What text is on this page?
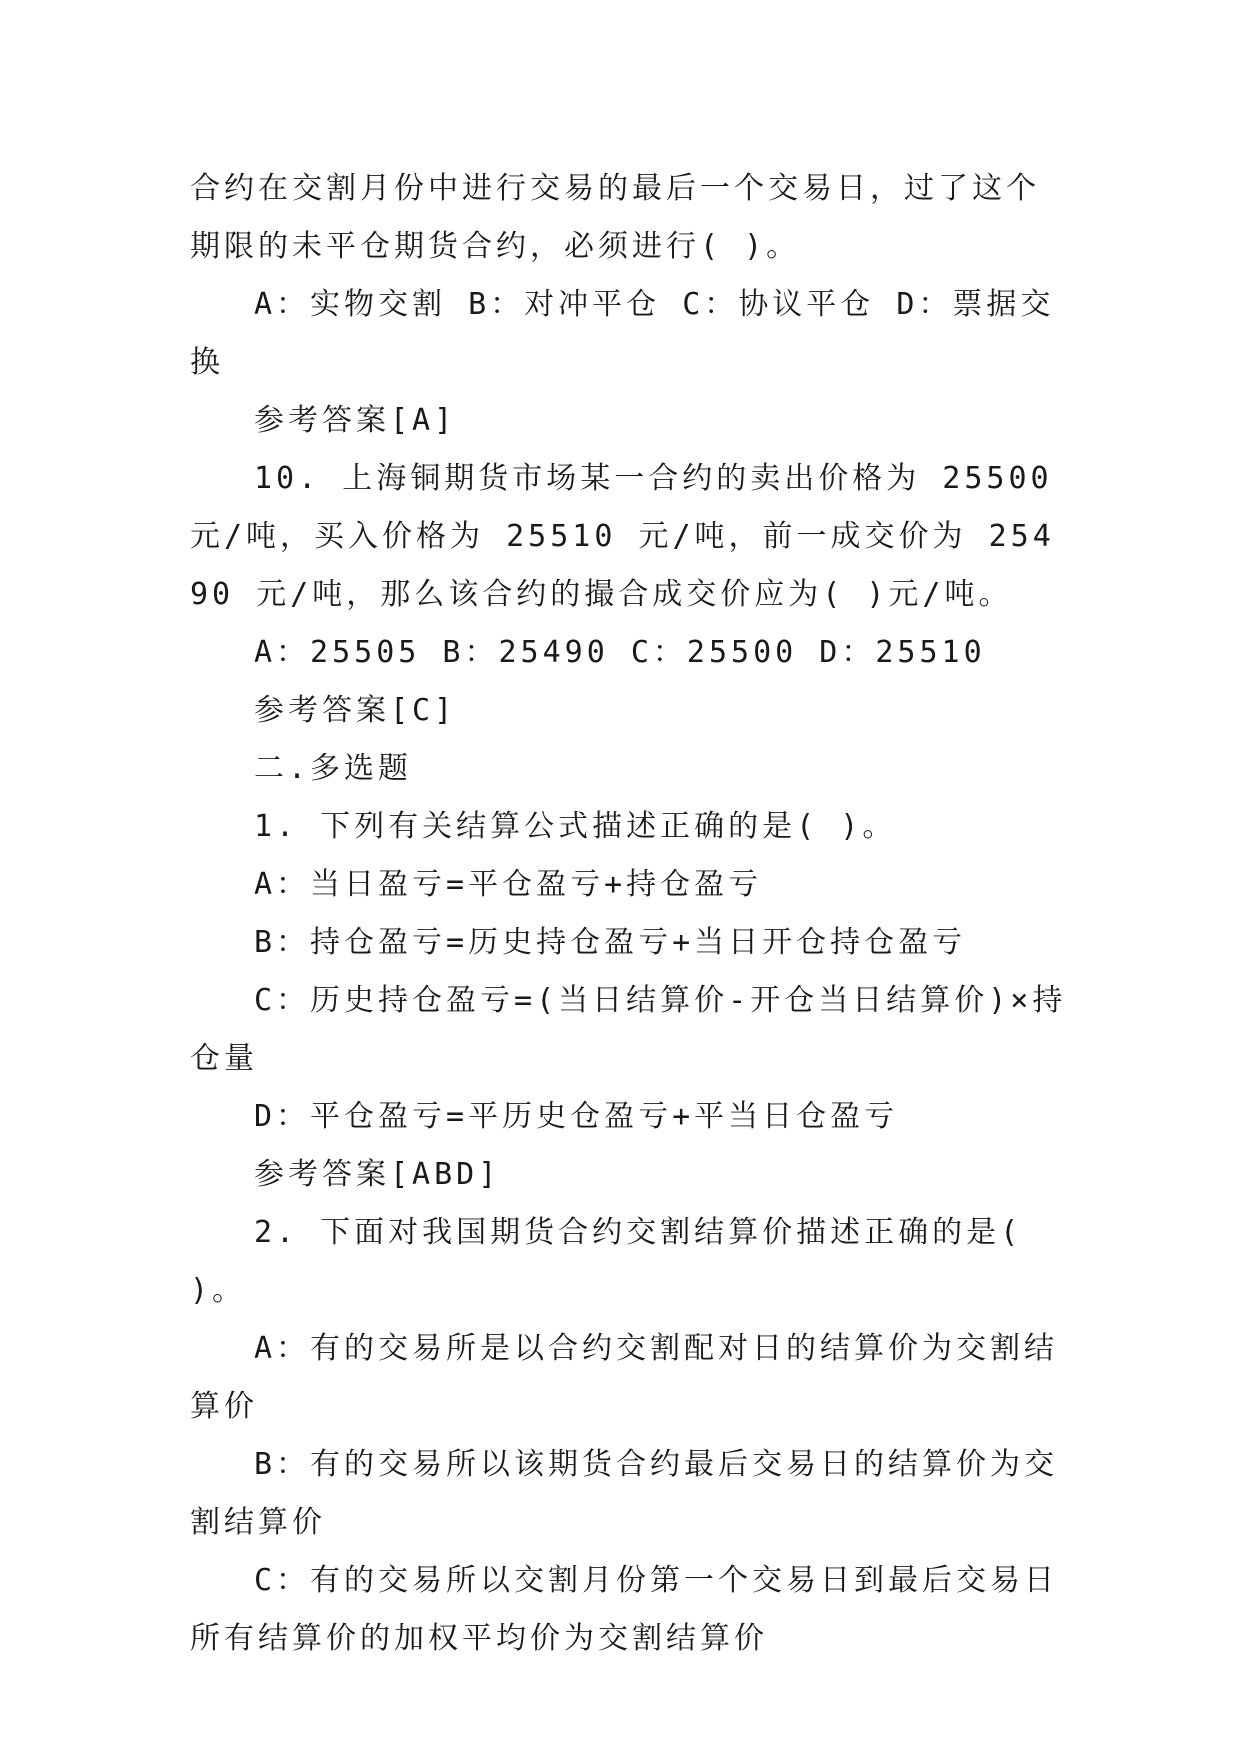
合约在交割月份中进行交易的最后一个交易日，过了这个期限的未平仓期货合约，必须进行( )。

A：实物交割 B：对冲平仓 C：协议平仓 D：票据交换

参考答案[A]

10. 上海铜期货市场某一合约的卖出价格为 25500 元/吨，买入价格为 25510 元/吨，前一成交价为 25490 元/吨，那么该合约的撮合成交价应为( )元/吨。

A：25505 B：25490 C：25500 D：25510

参考答案[C]

二.多选题

1. 下列有关结算公式描述正确的是( )。

A：当日盈亏=平仓盈亏+持仓盈亏

B：持仓盈亏=历史持仓盈亏+当日开仓持仓盈亏

C：历史持仓盈亏=(当日结算价-开仓当日结算价)×持仓量

D：平仓盈亏=平历史仓盈亏+平当日仓盈亏

参考答案[ABD]

2. 下面对我国期货合约交割结算价描述正确的是( )。

A：有的交易所是以合约交割配对日的结算价为交割结算价

B：有的交易所以该期货合约最后交易日的结算价为交割结算价

C：有的交易所以交割月份第一个交易日到最后交易日所有结算价的加权平均价为交割结算价
